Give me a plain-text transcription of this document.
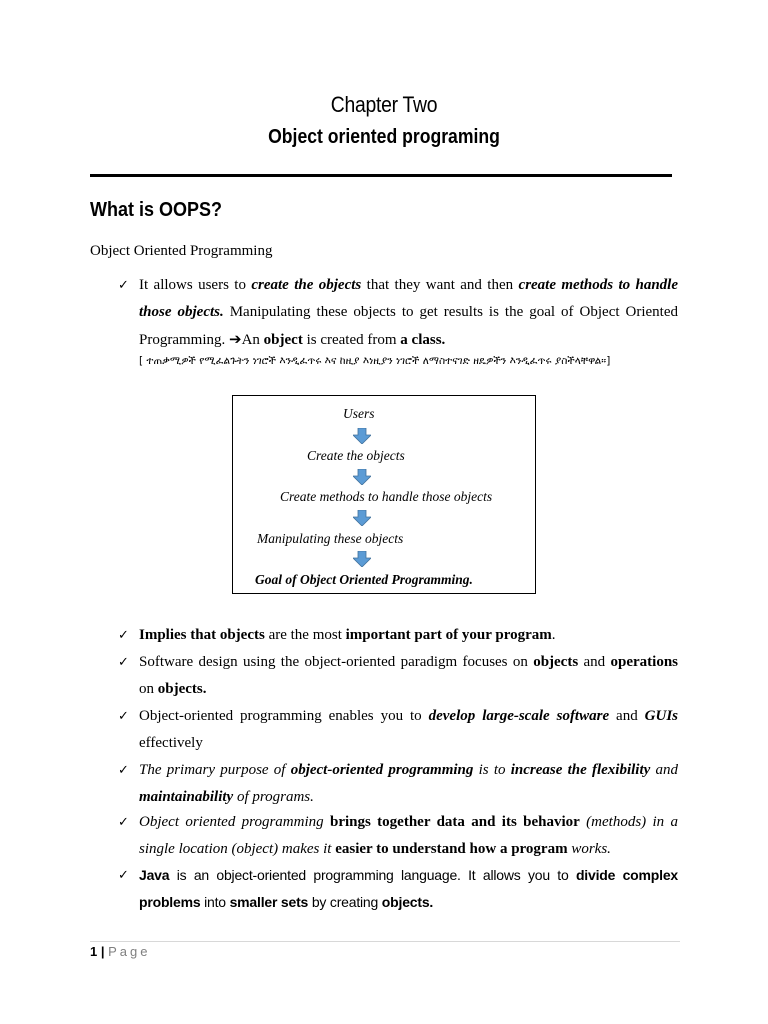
Chapter Two
Object oriented programing
What is OOPS?
Object Oriented Programming
✓ It allows users to create the objects that they want and then create methods to handle those objects. Manipulating these objects to get results is the goal of Object Oriented Programming. ➔An object is created from a class.
[ ተጠቃሚዎች የሚፈልጉትን ነገሮች እንዲፈጥሩ እና ከዚያ እነዚያን ነገሮች ለማስተናገድ ዘዴዎችን እንዲፈጥሩ ያስችላቸዋል።]
Users
Create the objects
Create methods to handle those objects
Manipulating these objects
Goal of Object Oriented Programming.
✓ Implies that objects are the most important part of your program.
✓ Software design using the object-oriented paradigm focuses on objects and operations on objects.
✓ Object-oriented programming enables you to develop large-scale software and GUIs effectively
✓ The primary purpose of object-oriented programming is to increase the flexibility and maintainability of programs.
✓ Object oriented programming brings together data and its behavior (methods) in a single location (object) makes it easier to understand how a program works.
✓ Java is an object-oriented programming language. It allows you to divide complex problems into smaller sets by creating objects.
1 | Page
